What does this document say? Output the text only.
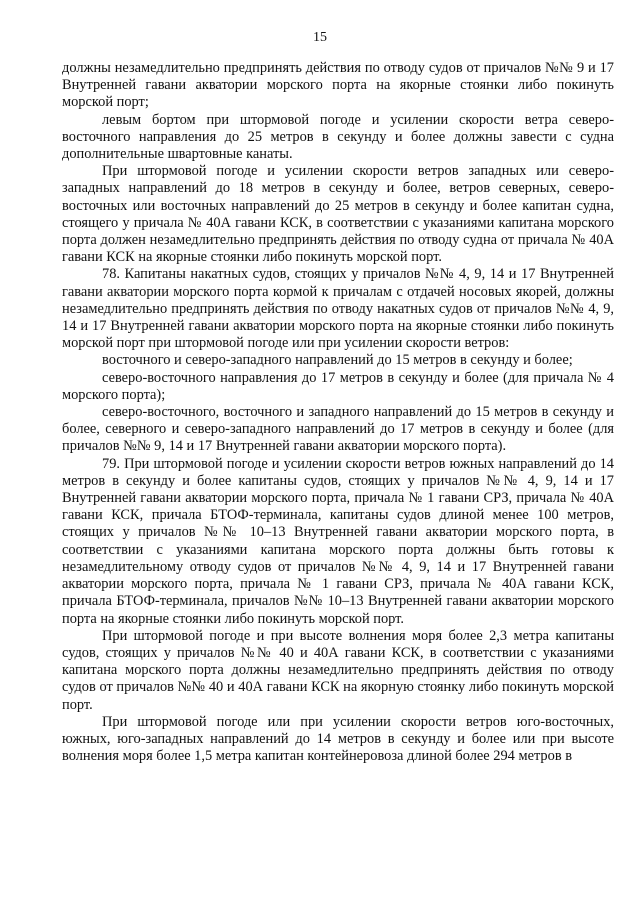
15

должны незамедлительно предпринять действия по отводу судов от причалов №№ 9 и 17 Внутренней гавани акватории морского порта на якорные стоянки либо покинуть морской порт;

левым бортом при штормовой погоде и усилении скорости ветра северо-восточного направления до 25 метров в секунду и более должны завести с судна дополнительные швартовные канаты.

При штормовой погоде и усилении скорости ветров западных или северо-западных направлений до 18 метров в секунду и более, ветров северных, северо-восточных или восточных направлений до 25 метров в секунду и более капитан судна, стоящего у причала № 40А гавани КСК, в соответствии с указаниями капитана морского порта должен незамедлительно предпринять действия по отводу судна от причала № 40А гавани КСК на якорные стоянки либо покинуть морской порт.

78. Капитаны накатных судов, стоящих у причалов №№ 4, 9, 14 и 17 Внутренней гавани акватории морского порта кормой к причалам с отдачей носовых якорей, должны незамедлительно предпринять действия по отводу накатных судов от причалов №№ 4, 9, 14 и 17 Внутренней гавани акватории морского порта на якорные стоянки либо покинуть морской порт при штормовой погоде или при усилении скорости ветров:

восточного и северо-западного направлений до 15 метров в секунду и более;

северо-восточного направления до 17 метров в секунду и более (для причала № 4 морского порта);

северо-восточного, восточного и западного направлений до 15 метров в секунду и более, северного и северо-западного направлений до 17 метров в секунду и более (для причалов №№ 9, 14 и 17 Внутренней гавани акватории морского порта).

79. При штормовой погоде и усилении скорости ветров южных направлений до 14 метров в секунду и более капитаны судов, стоящих у причалов №№ 4, 9, 14 и 17 Внутренней гавани акватории морского порта, причала № 1 гавани СРЗ, причала № 40А гавани КСК, причала БТОФ-терминала, капитаны судов длиной менее 100 метров, стоящих у причалов №№ 10–13 Внутренней гавани акватории морского порта, в соответствии с указаниями капитана морского порта должны быть готовы к незамедлительному отводу судов от причалов №№ 4, 9, 14 и 17 Внутренней гавани акватории морского порта, причала № 1 гавани СРЗ, причала № 40А гавани КСК, причала БТОФ-терминала, причалов №№ 10–13 Внутренней гавани акватории морского порта на якорные стоянки либо покинуть морской порт.

При штормовой погоде и при высоте волнения моря более 2,3 метра капитаны судов, стоящих у причалов №№ 40 и 40А гавани КСК, в соответствии с указаниями капитана морского порта должны незамедлительно предпринять действия по отводу судов от причалов №№ 40 и 40А гавани КСК на якорную стоянку либо покинуть морской порт.

При штормовой погоде или при усилении скорости ветров юго-восточных, южных, юго-западных направлений до 14 метров в секунду и более или при высоте волнения моря более 1,5 метра капитан контейнеровоза длиной более 294 метров в
